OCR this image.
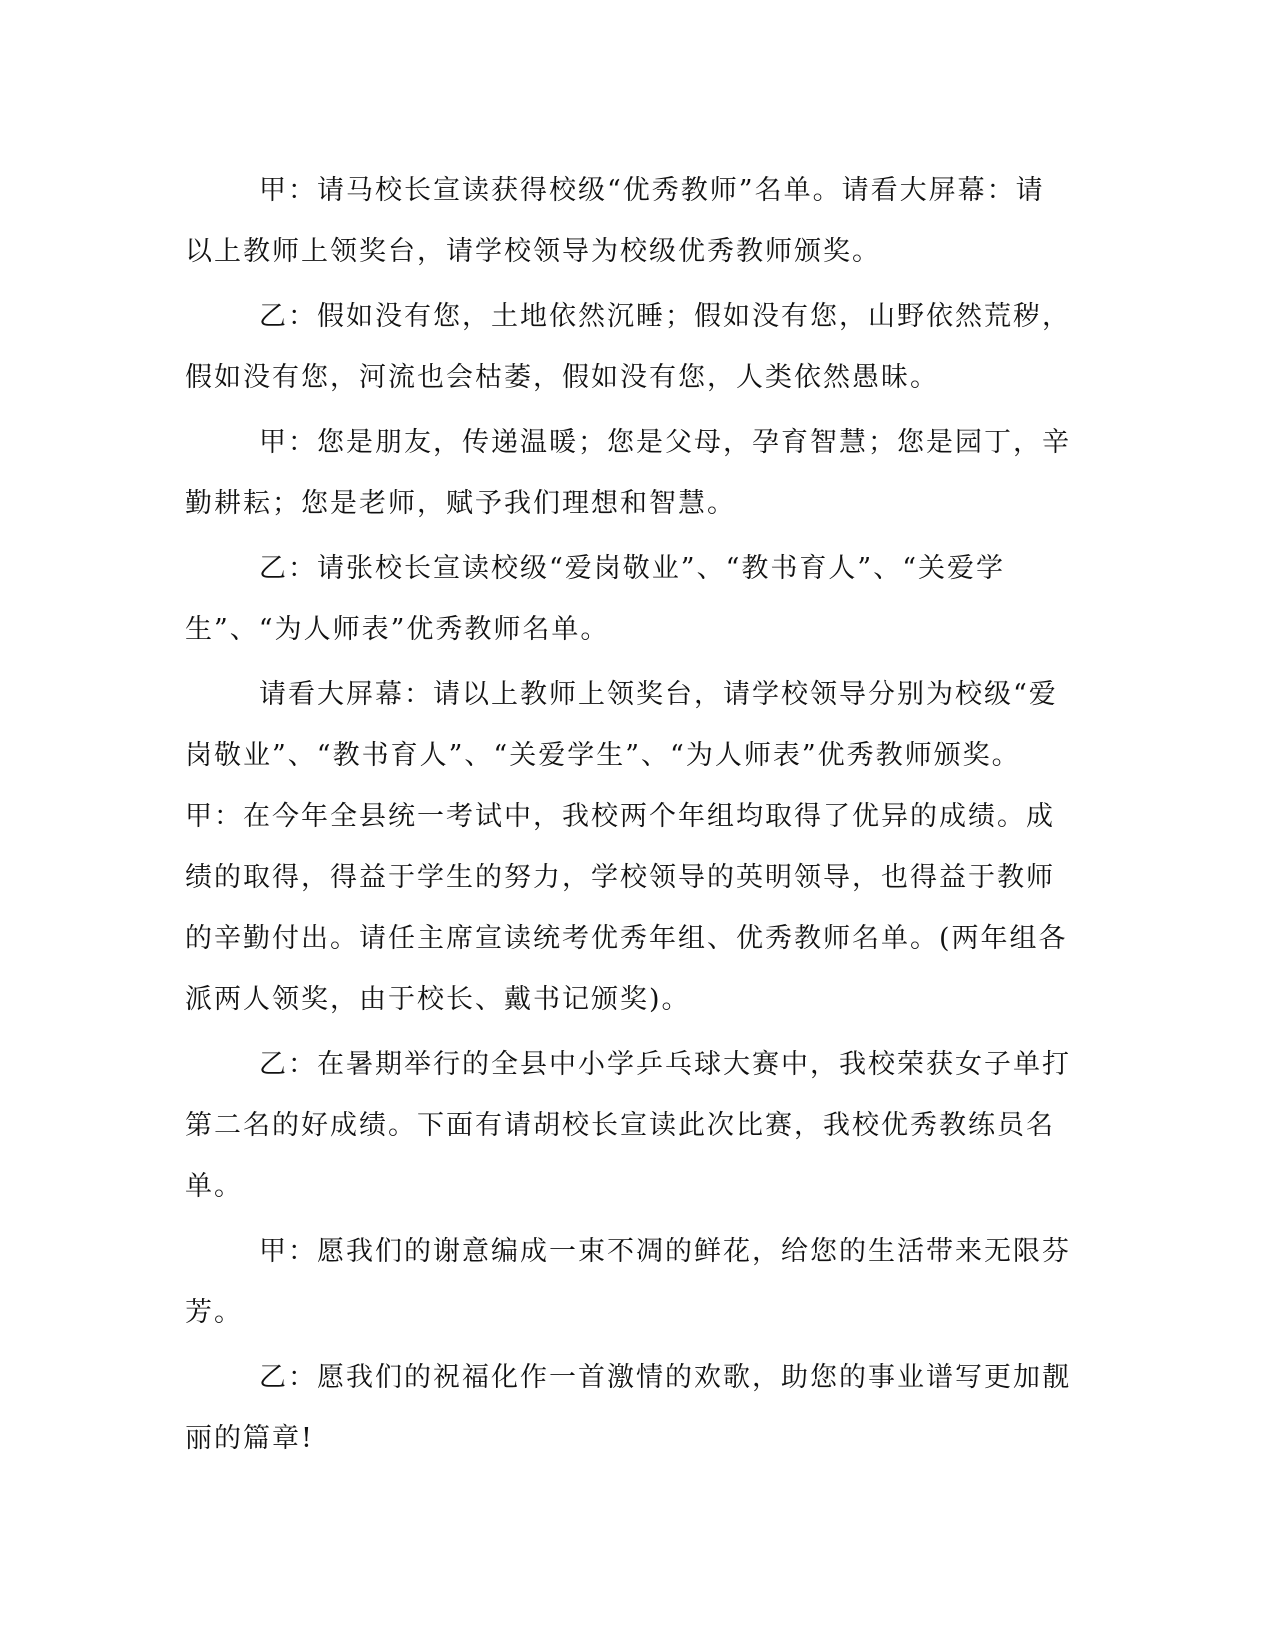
甲：请马校长宣读获得校级“优秀教师”名单。请看大屏幕：请以上教师上领奖台，请学校领导为校级优秀教师颁奖。

乙：假如没有您，土地依然沉睡；假如没有您，山野依然荒秽，假如没有您，河流也会枯萎，假如没有您，人类依然愚昧。

甲：您是朋友，传递温暖；您是父母，孕育智慧；您是园丁，辛勤耕耘；您是老师，赋予我们理想和智慧。

乙：请张校长宣读校级“爱岗敬业”、“教书育人”、“关爱学生”、“为人师表”优秀教师名单。

请看大屏幕：请以上教师上领奖台，请学校领导分别为校级“爱岗敬业”、“教书育人”、“关爱学生”、“为人师表”优秀教师颁奖。甲：在今年全县统一考试中，我校两个年组均取得了优异的成绩。成绩的取得，得益于学生的努力，学校领导的英明领导，也得益于教师的辛勤付出。请任主席宣读统考优秀年组、优秀教师名单。(两年组各派两人领奖，由于校长、戴书记颁奖)。

乙：在暑期举行的全县中小学乒乓球大赛中，我校荣获女子单打第二名的好成绩。下面有请胡校长宣读此次比赛，我校优秀教练员名单。

甲：愿我们的谢意编成一束不凋的鲜花，给您的生活带来无限芬芳。

乙：愿我们的祝福化作一首激情的欢歌，助您的事业谱写更加靓丽的篇章!
